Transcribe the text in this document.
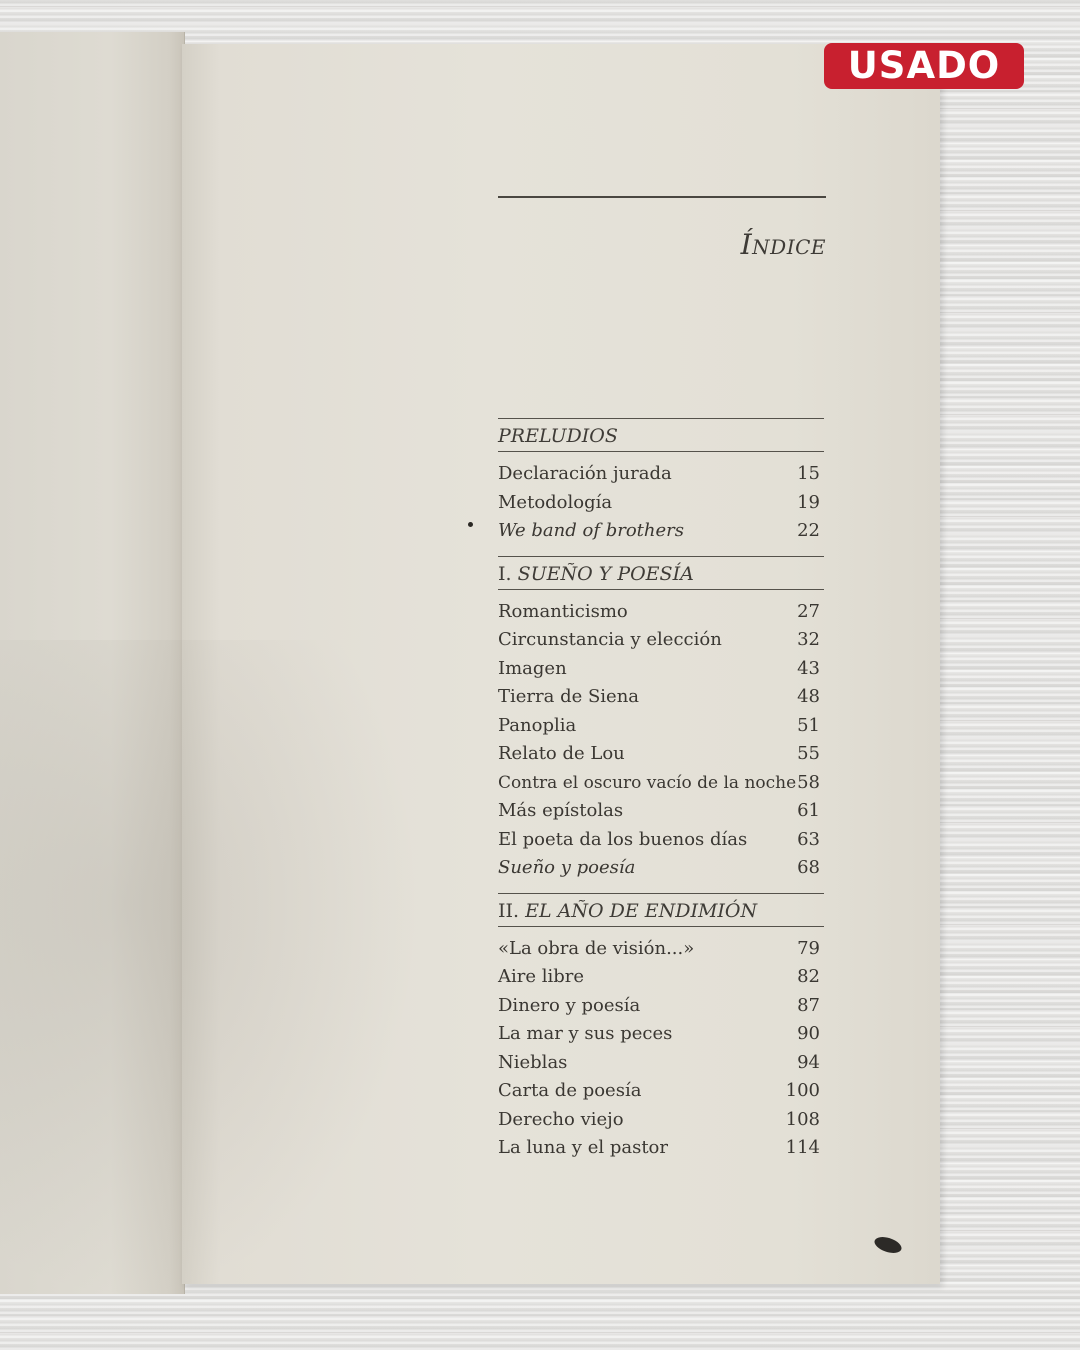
USADO
Índice
PRELUDIOS
Declaración jurada	15
Metodología	19
We band of brothers	22
I. SUEÑO Y POESÍA
Romanticismo	27
Circunstancia y elección	32
Imagen	43
Tierra de Siena	48
Panoplia	51
Relato de Lou	55
Contra el oscuro vacío de la noche 58
Más epístolas	61
El poeta da los buenos días	63
Sueño y poesía	68
II. EL AÑO DE ENDIMIÓN
«La obra de visión...»	79
Aire libre	82
Dinero y poesía	87
La mar y sus peces	90
Nieblas	94
Carta de poesía	100
Derecho viejo	108
La luna y el pastor	114
